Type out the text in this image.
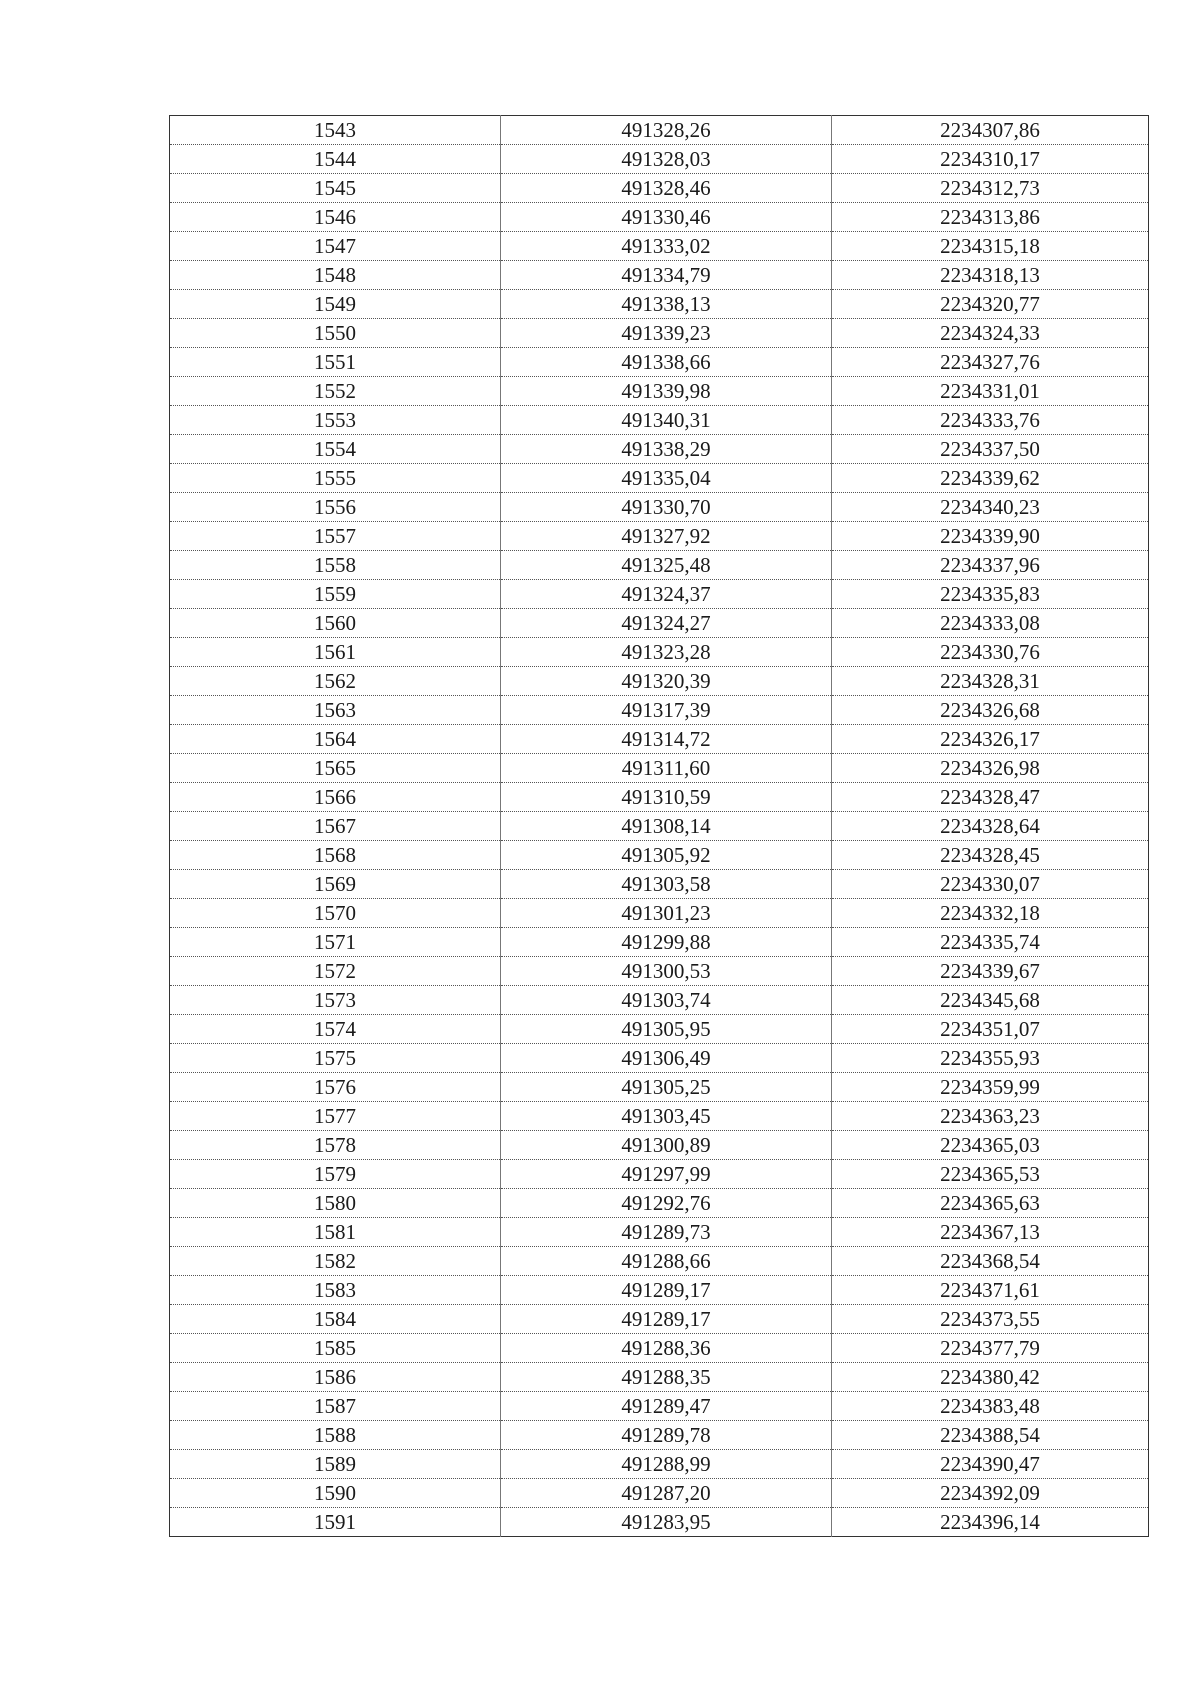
1543	491328,26	2234307,86
1544	491328,03	2234310,17
1545	491328,46	2234312,73
1546	491330,46	2234313,86
1547	491333,02	2234315,18
1548	491334,79	2234318,13
1549	491338,13	2234320,77
1550	491339,23	2234324,33
1551	491338,66	2234327,76
1552	491339,98	2234331,01
1553	491340,31	2234333,76
1554	491338,29	2234337,50
1555	491335,04	2234339,62
1556	491330,70	2234340,23
1557	491327,92	2234339,90
1558	491325,48	2234337,96
1559	491324,37	2234335,83
1560	491324,27	2234333,08
1561	491323,28	2234330,76
1562	491320,39	2234328,31
1563	491317,39	2234326,68
1564	491314,72	2234326,17
1565	491311,60	2234326,98
1566	491310,59	2234328,47
1567	491308,14	2234328,64
1568	491305,92	2234328,45
1569	491303,58	2234330,07
1570	491301,23	2234332,18
1571	491299,88	2234335,74
1572	491300,53	2234339,67
1573	491303,74	2234345,68
1574	491305,95	2234351,07
1575	491306,49	2234355,93
1576	491305,25	2234359,99
1577	491303,45	2234363,23
1578	491300,89	2234365,03
1579	491297,99	2234365,53
1580	491292,76	2234365,63
1581	491289,73	2234367,13
1582	491288,66	2234368,54
1583	491289,17	2234371,61
1584	491289,17	2234373,55
1585	491288,36	2234377,79
1586	491288,35	2234380,42
1587	491289,47	2234383,48
1588	491289,78	2234388,54
1589	491288,99	2234390,47
1590	491287,20	2234392,09
1591	491283,95	2234396,14
